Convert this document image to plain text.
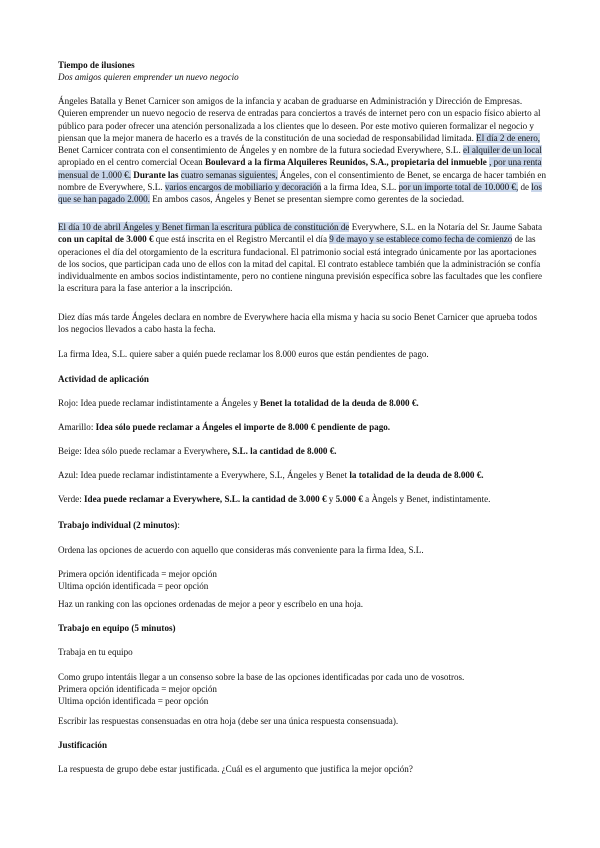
Tiempo de ilusiones
Dos amigos quieren emprender un nuevo negocio

Ángeles Batalla y Benet Carnicer son amigos de la infancia y acaban de graduarse en Administración y Dirección de Empresas. Quieren emprender un nuevo negocio de reserva de entradas para conciertos a través de internet pero con un espacio físico abierto al público para poder ofrecer una atención personalizada a los clientes que lo deseen. Por este motivo quieren formalizar el negocio y piensan que la mejor manera de hacerlo es a través de la constitución de una sociedad de responsabilidad limitada. El día 2 de enero, Benet Carnicer contrata con el consentimiento de Ángeles y en nombre de la futura sociedad Everywhere, S.L. el alquiler de un local apropiado en el centro comercial Ocean Boulevard a la firma Alquileres Reunidos, S.A., propietaria del inmueble , por una renta mensual de 1.000 €. Durante las cuatro semanas siguientes, Ángeles, con el consentimiento de Benet, se encarga de hacer también en nombre de Everywhere, S.L. varios encargos de mobiliario y decoración a la firma Idea, S.L. por un importe total de 10.000 €, de los que se han pagado 2.000. En ambos casos, Ángeles y Benet se presentan siempre como gerentes de la sociedad.

El día 10 de abril Ángeles y Benet firman la escritura pública de constitución de Everywhere, S.L. en la Notaría del Sr. Jaume Sabata con un capital de 3.000 € que está inscrita en el Registro Mercantil el día 9 de mayo y se establece como fecha de comienzo de las operaciones el día del otorgamiento de la escritura fundacional. El patrimonio social está integrado únicamente por las aportaciones de los socios, que participan cada uno de ellos con la mitad del capital. El contrato establece también que la administración se confía individualmente en ambos socios indistintamente, pero no contiene ninguna previsión específica sobre las facultades que les confiere la escritura para la fase anterior a la inscripción.

Diez días más tarde Ángeles declara en nombre de Everywhere hacia ella misma y hacia su socio Benet Carnicer que aprueba todos los negocios llevados a cabo hasta la fecha.

La firma Idea, S.L. quiere saber a quién puede reclamar los 8.000 euros que están pendientes de pago.

Actividad de aplicación

Rojo: Idea puede reclamar indistintamente a Ángeles y Benet la totalidad de la deuda de 8.000 €.

Amarillo: Idea sólo puede reclamar a Ángeles el importe de 8.000 € pendiente de pago.

Beige: Idea sólo puede reclamar a Everywhere, S.L. la cantidad de 8.000 €.

Azul: Idea puede reclamar indistintamente a Everywhere, S.L, Ángeles y Benet la totalidad de la deuda de 8.000 €.

Verde: Idea puede reclamar a Everywhere, S.L. la cantidad de 3.000 € y 5.000 € a Àngels y Benet, indistintamente.

Trabajo individual (2 minutos):
Ordena las opciones de acuerdo con aquello que consideras más conveniente para la firma Idea, S.L.
Primera opción identificada = mejor opción
Ultima opción identificada = peor opción
Haz un ranking con las opciones ordenadas de mejor a peor y escríbelo en una hoja.
Trabajo en equipo (5 minutos)
Trabaja en tu equipo
Como grupo intentáis llegar a un consenso sobre la base de las opciones identificadas por cada uno de vosotros.
Primera opción identificada = mejor opción
Ultima opción identificada = peor opción
Escribir las respuestas consensuadas en otra hoja (debe ser una única respuesta consensuada).
Justificación
La respuesta de grupo debe estar justificada. ¿Cuál es el argumento que justifica la mejor opción?
